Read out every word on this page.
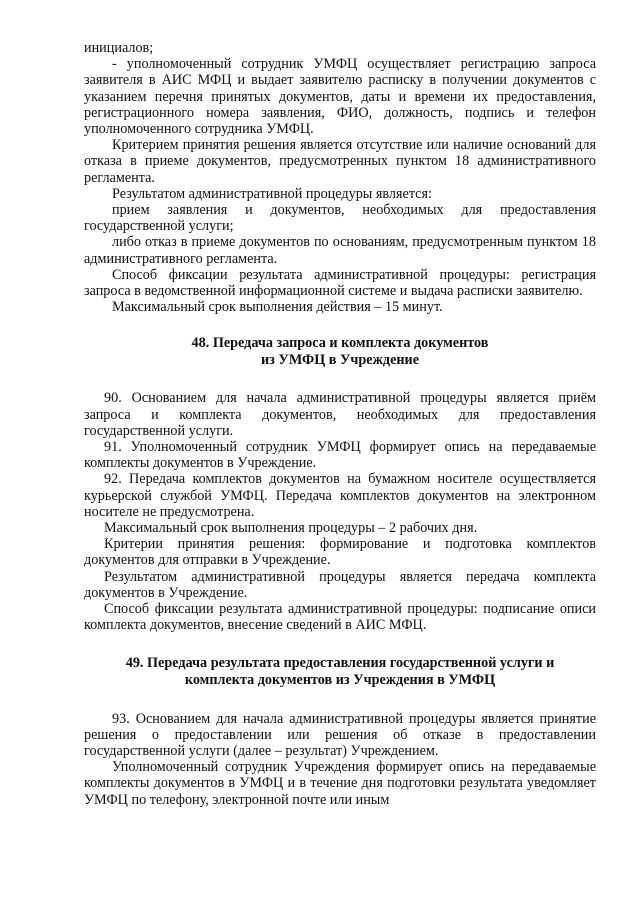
инициалов;

- уполномоченный сотрудник УМФЦ осуществляет регистрацию запроса заявителя в АИС МФЦ и выдает заявителю расписку в получении документов с указанием перечня принятых документов, даты и времени их предоставления, регистрационного номера заявления, ФИО, должность, подпись и телефон уполномоченного сотрудника УМФЦ.

Критерием принятия решения является отсутствие или наличие оснований для отказа в приеме документов, предусмотренных пунктом 18 административного регламента.

Результатом административной процедуры является:

прием заявления и документов, необходимых для предоставления государственной услуги;

либо отказ в приеме документов по основаниям, предусмотренным пунктом 18 административного регламента.

Способ фиксации результата административной процедуры: регистрация запроса в ведомственной информационной системе и выдача расписки заявителю.

Максимальный срок выполнения действия – 15 минут.

48. Передача запроса и комплекта документов
из УМФЦ в Учреждение

90. Основанием для начала административной процедуры является приём запроса и комплекта документов, необходимых для предоставления государственной услуги.

91. Уполномоченный сотрудник УМФЦ формирует опись на передаваемые комплекты документов в Учреждение.

92. Передача комплектов документов на бумажном носителе осуществляется курьерской службой УМФЦ. Передача комплектов документов на электронном носителе не предусмотрена.

Максимальный срок выполнения процедуры – 2 рабочих дня.

Критерии принятия решения: формирование и подготовка комплектов документов для отправки в Учреждение.

Результатом административной процедуры является передача комплекта документов в Учреждение.

Способ фиксации результата административной процедуры: подписание описи комплекта документов, внесение сведений в АИС МФЦ.

49. Передача результата предоставления государственной услуги и
комплекта документов из Учреждения в УМФЦ

93. Основанием для начала административной процедуры является принятие решения о предоставлении или решения об отказе в предоставлении государственной услуги (далее – результат) Учреждением.

Уполномоченный сотрудник Учреждения формирует опись на передаваемые комплекты документов в УМФЦ и в течение дня подготовки результата уведомляет УМФЦ по телефону, электронной почте или иным
